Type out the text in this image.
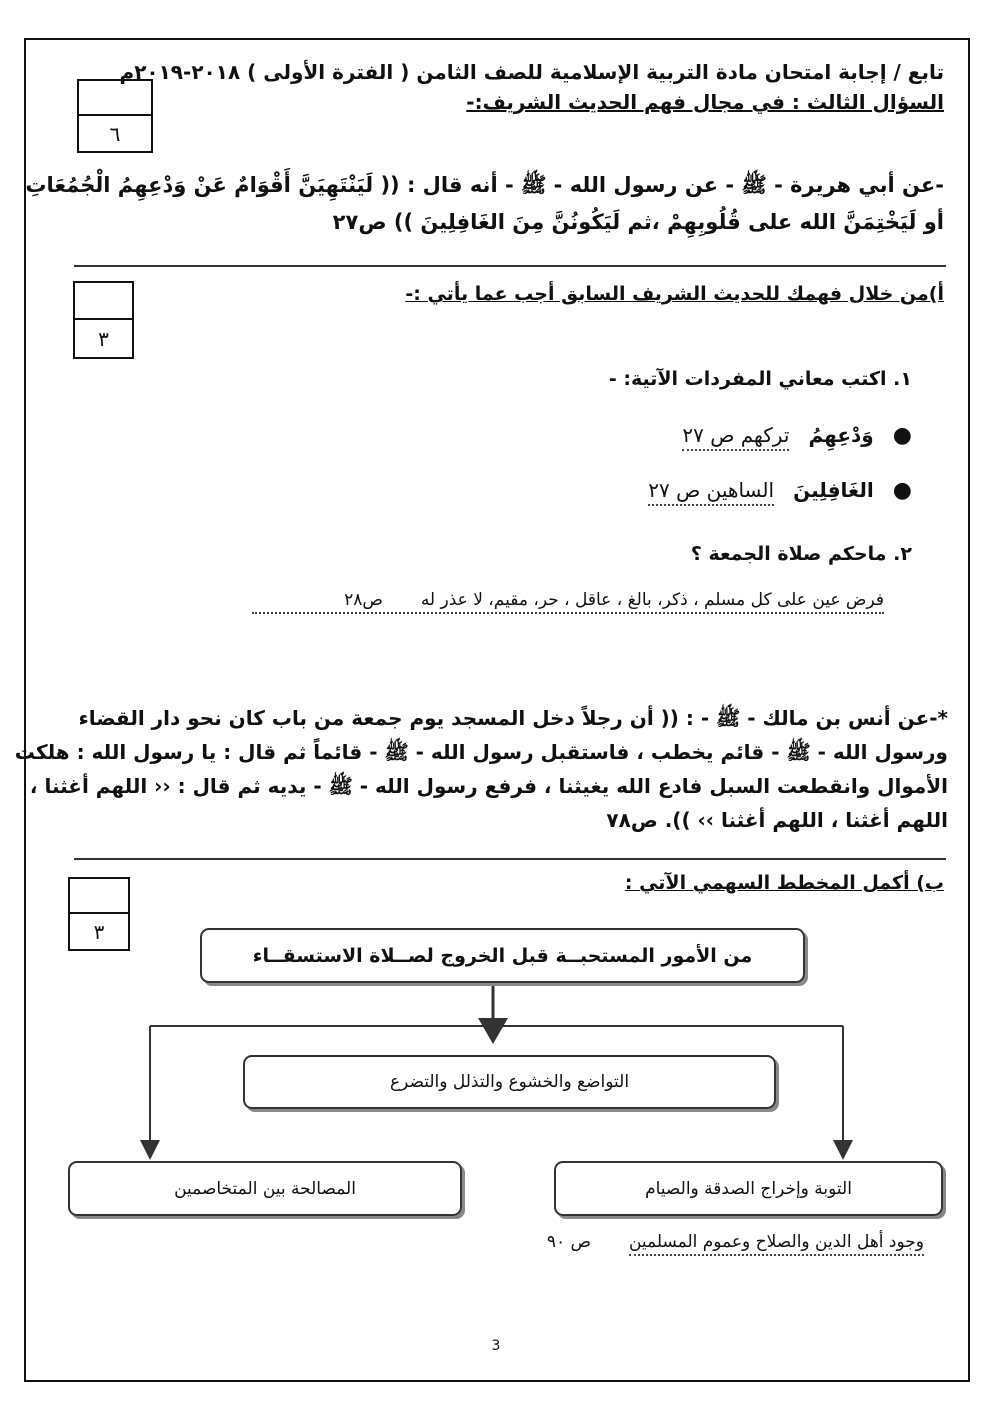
تابع / إجابة امتحان مادة التربية الإسلامية للصف الثامن ( الفترة الأولى ) ٢٠١٨-٢٠١٩م
السؤال الثالث : في مجال فهم الحديث الشريف:-
٦
-عن أبي هريرة - ﷺ - عن رسول الله - ﷺ - أنه قال : (( لَيَنْتَهِيَنَّ أَقْوَامٌ عَنْ وَدْعِهِمُ الْجُمُعَاتِ
أو لَيَخْتِمَنَّ الله على قُلُوبِهِمْ ،ثم لَيَكُونُنَّ مِنَ الغَافِلِينَ )) ص٢٧
٣
أ)من خلال فهمك للحديث الشريف السابق أجب عما يأتي :-
١. اكتب معاني المفردات الآتية: -
●   وَدْعِهِمُ   تركهم ص ٢٧
●   الغَافِلِينَ   الساهين ص ٢٧
٢. ماحكم صلاة الجمعة ؟
فرض عين على كل مسلم ، ذكر، بالغ ، عاقل ، حر، مقيم، لا عذر له       ص٢٨
*-عن أنس بن مالك - ﷺ - : (( أن رجلاً دخل المسجد يوم جمعة من باب كان نحو دار القضاء
ورسول الله - ﷺ - قائم يخطب ، فاستقبل رسول الله - ﷺ - قائماً ثم قال : يا رسول الله : هلكت
الأموال وانقطعت السبل فادع الله يغيثنا ، فرفع رسول الله - ﷺ - يديه ثم قال : ‹‹ اللهم أغثنا ،
اللهم أغثنا ، اللهم أغثنا ›› )). ص٧٨
٣
ب) أكمل المخطط السهمي الآتي :
من الأمور المستحبــة قبل الخروج لصــلاة الاستسقــاء
التواضع والخشوع والتذلل والتضرع
التوبة وإخراج الصدقة والصيام
المصالحة بين المتخاصمين
وجود أهل الدين والصلاح وعموم المسلمين       ص ٩٠
3
